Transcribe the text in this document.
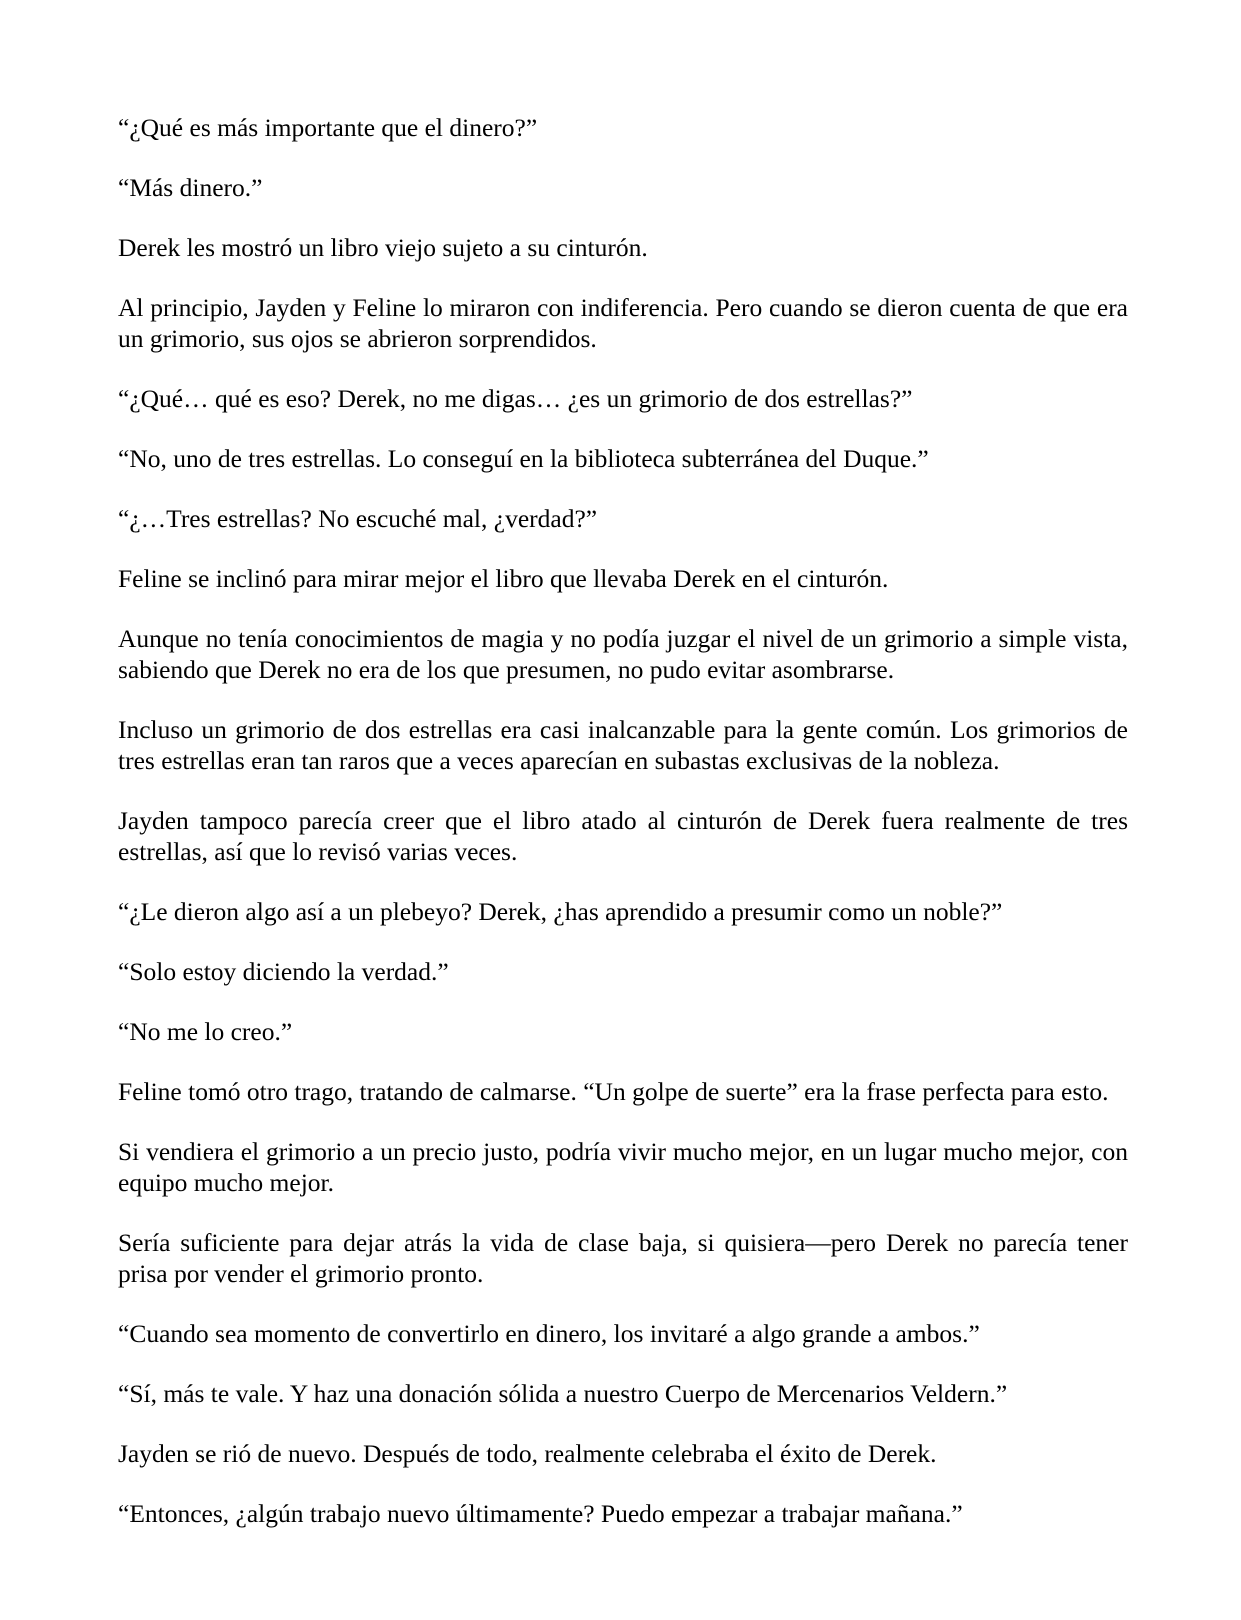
“¿Qué es más importante que el dinero?”

“Más dinero.”

Derek les mostró un libro viejo sujeto a su cinturón.

Al principio, Jayden y Feline lo miraron con indiferencia. Pero cuando se dieron cuenta de que era un grimorio, sus ojos se abrieron sorprendidos.

“¿Qué… qué es eso? Derek, no me digas… ¿es un grimorio de dos estrellas?”

“No, uno de tres estrellas. Lo conseguí en la biblioteca subterránea del Duque.”

“¿…Tres estrellas? No escuché mal, ¿verdad?”

Feline se inclinó para mirar mejor el libro que llevaba Derek en el cinturón.

Aunque no tenía conocimientos de magia y no podía juzgar el nivel de un grimorio a simple vista, sabiendo que Derek no era de los que presumen, no pudo evitar asombrarse.

Incluso un grimorio de dos estrellas era casi inalcanzable para la gente común. Los grimorios de tres estrellas eran tan raros que a veces aparecían en subastas exclusivas de la nobleza.

Jayden tampoco parecía creer que el libro atado al cinturón de Derek fuera realmente de tres estrellas, así que lo revisó varias veces.

“¿Le dieron algo así a un plebeyo? Derek, ¿has aprendido a presumir como un noble?”

“Solo estoy diciendo la verdad.”

“No me lo creo.”

Feline tomó otro trago, tratando de calmarse. “Un golpe de suerte” era la frase perfecta para esto.

Si vendiera el grimorio a un precio justo, podría vivir mucho mejor, en un lugar mucho mejor, con equipo mucho mejor.

Sería suficiente para dejar atrás la vida de clase baja, si quisiera—pero Derek no parecía tener prisa por vender el grimorio pronto.

“Cuando sea momento de convertirlo en dinero, los invitaré a algo grande a ambos.”

“Sí, más te vale. Y haz una donación sólida a nuestro Cuerpo de Mercenarios Veldern.”

Jayden se rió de nuevo. Después de todo, realmente celebraba el éxito de Derek.

“Entonces, ¿algún trabajo nuevo últimamente? Puedo empezar a trabajar mañana.”
